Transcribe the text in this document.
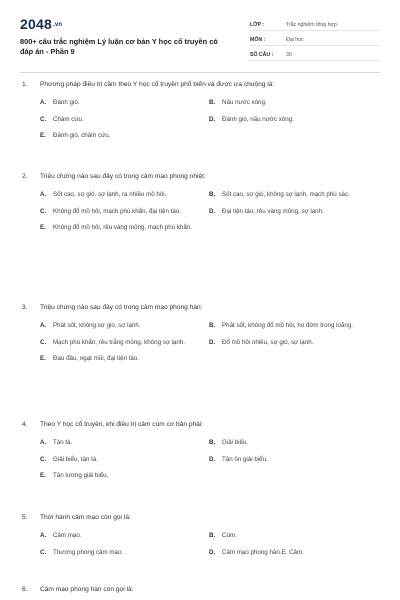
2048.vn
800+ câu trắc nghiệm Lý luận cơ bản Y học cổ truyền có đáp án - Phần 9
LỚP :	Trắc nghiệm tổng hợp
MÔN :	Đại học
SỐ CÂU :	30
1.	Phương pháp điều trị cảm theo Y học cổ truyền phổ biến và được ưa chuộng là:
A.	Đánh gió.	B.	Nấu nước xông.
C.	Châm cứu.	D.	Đánh gió, nấu nước xông.
E.	Đánh gió, châm cứu.
2.	Triệu chứng nào sau đây có trong cảm mạo phong nhiệt:
A.	Sốt cao, sợ gió, sợ lạnh, ra nhiều mồ hôi.	B.	Sốt cao, sợ gió, không sợ lạnh, mạch phù sác.
C.	Không đổ mồ hôi, mạch phù khẩn, đại tiện táo.	D.	Đại tiện táo, rêu vàng mỏng, sợ lạnh.
E.	Không đổ mồ hôi, rêu vàng mỏng, mạch phù khẩn.
3.	Triệu chứng nào sau đây có trong cảm mạo phong hàn:
A.	Phát sốt, không sợ gió, sợ lạnh.	B.	Phát sốt, không đổ mồ hôi, ho đờm trong loãng.
C.	Mạch phù khẩn, rêu trắng mỏng, không sợ lạnh.	D.	Đổ mồ hôi nhiều, sợ gió, sợ lạnh.
E.	Đau đầu, ngạt mũi, đại tiện táo.
4.	Theo Y học cổ truyền, khi điều trị cảm cúm cơ bản phải:
A.	Tán tà.	B.	Giải biểu.
C.	Giải biểu, tán tà.	D.	Tân ôn giải biểu.
E.	Tân lương giải biểu.
5.	Thời hành cảm mạo còn gọi là:
A.	Cảm mạo.	B.	Cúm.
C.	Thương phong cảm mạo.	D.	Cảm mạo phong hàn.E. Cảm.
6.	Cảm mạo phong hàn còn gọi là:
